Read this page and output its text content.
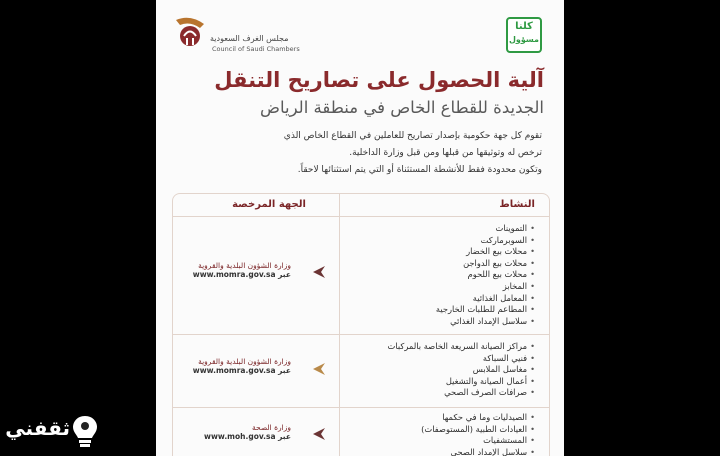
مجلس الغرف السعودية
Council of Saudi Chambers
كلنا
مسؤول
آلية الحصول على تصاريح التنقل
الجديدة للقطاع الخاص في منطقة الرياض

تقوم كل جهة حكومية بإصدار تصاريح للعاملين في القطاع الخاص الذي

ترخص له وتوثيقها من قبلها ومن قبل وزارة الداخلية.

وتكون محدودة فقط للأنشطة المستثناة أو التي يتم استثنائها لاحقاً.

النشاط
الجهة المرخصة
• التموينات
• السوبرماركت
• محلات بيع الخضار
• محلات بيع الدواجن
• محلات بيع اللحوم
• المخابز
• المعامل الغذائية
• المطاعم للطلبات الخارجية
• سلاسل الإمداد الغذائي
وزارة الشؤون البلدية والقروية
www.momra.gov.sa عبر
• مراكز الصيانة السريعة الخاصة بالمركبات
• فنيي السباكة
• مغاسل الملابس
• أعمال الصيانة والتشغيل
• صرافات الصرف الصحي
وزارة الشؤون البلدية والقروية
www.momra.gov.sa عبر
• الصيدليات وما في حكمها
• العيادات الطبية (المستوصفات)
• المستشفيات
• سلاسل الإمداد الصحي
وزارة الصحة
www.moh.gov.sa عبر
ثقفني
